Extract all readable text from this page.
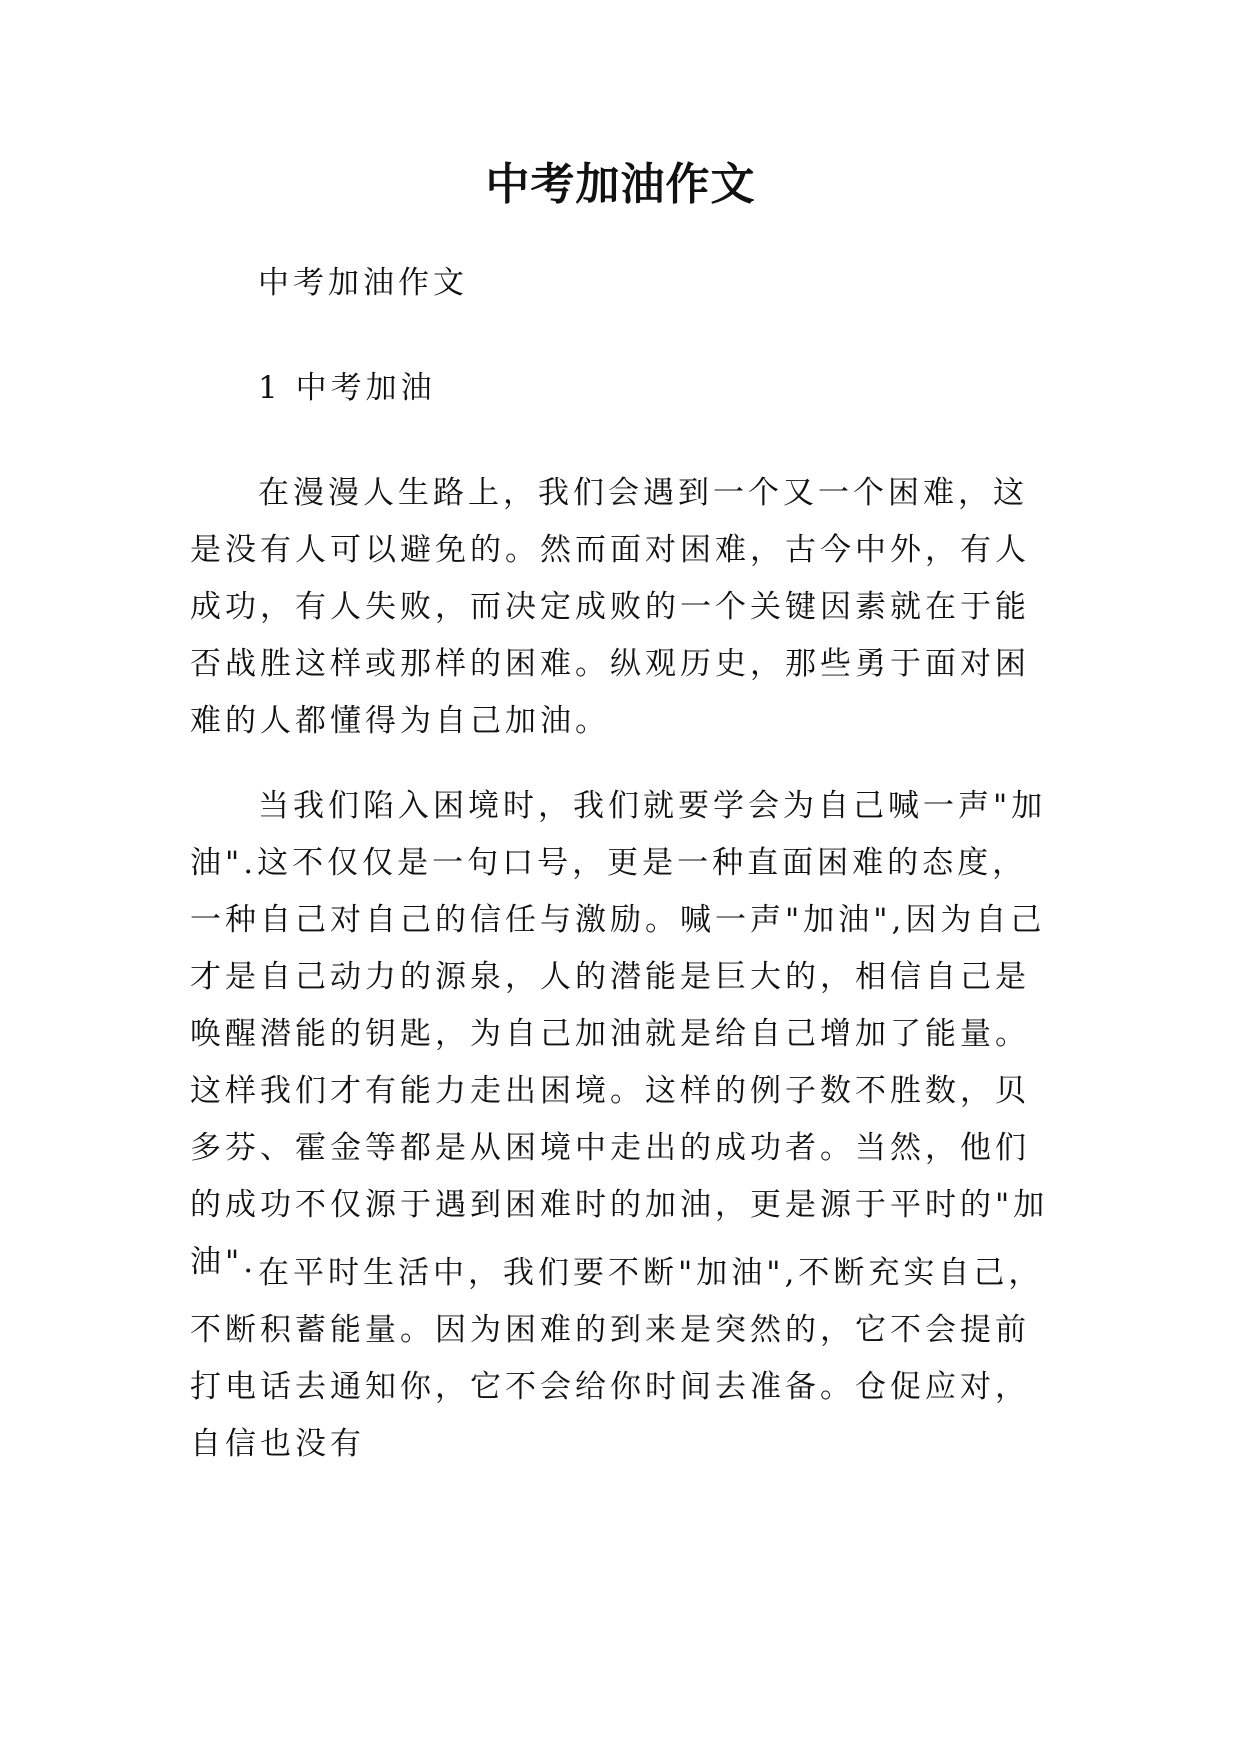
中考加油作文

中考加油作文

1 中考加油

在漫漫人生路上，我们会遇到一个又一个困难，这是没有人可以避免的。然而面对困难，古今中外，有人成功，有人失败，而决定成败的一个关键因素就在于能否战胜这样或那样的困难。纵观历史，那些勇于面对困难的人都懂得为自己加油。

当我们陷入困境时，我们就要学会为自己喊一声"加油".这不仅仅是一句口号，更是一种直面困难的态度，一种自己对自己的信任与激励。喊一声"加油",因为自己才是自己动力的源泉，人的潜能是巨大的，相信自己是唤醒潜能的钥匙，为自己加油就是给自己增加了能量。这样我们才有能力走出困境。这样的例子数不胜数，贝多芬、霍金等都是从困境中走出的成功者。当然，他们的成功不仅源于遇到困难时的加油，更是源于平时的"加油". 在平时生活中，我们要不断"加油",不断充实自己，不断积蓄能量。因为困难的到来是突然的，它不会提前打电话去通知你，它不会给你时间去准备。仓促应对，自信也没有
